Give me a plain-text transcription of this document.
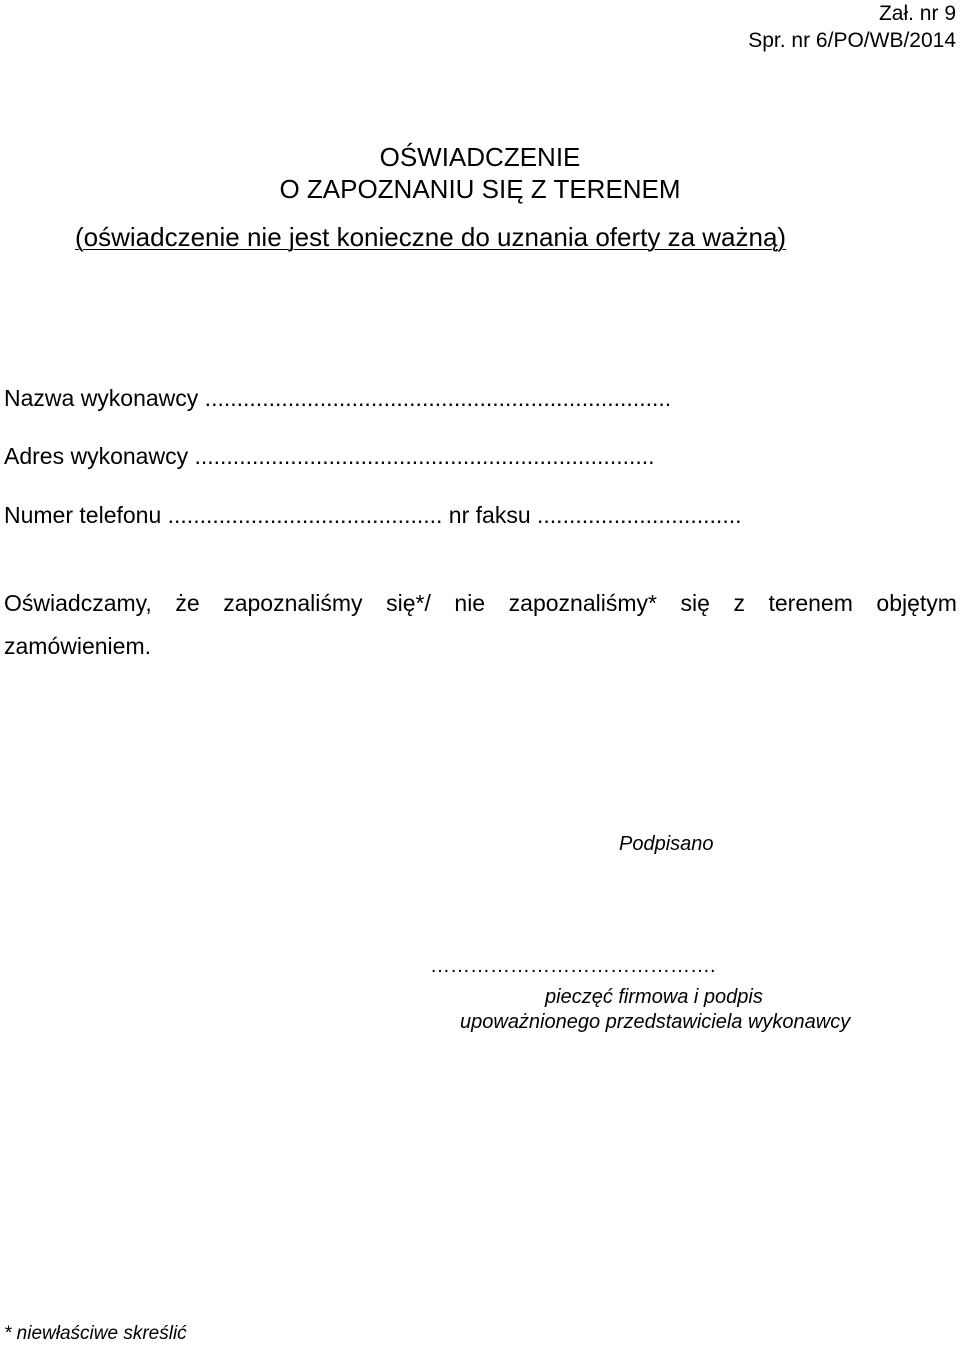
Zał. nr 9
Spr. nr 6/PO/WB/2014
OŚWIADCZENIE
O ZAPOZNANIU SIĘ Z TERENEM
(oświadczenie nie jest konieczne do uznania oferty za ważną)
Nazwa wykonawcy .........................................................................
Adres wykonawcy ........................................................................
Numer telefonu ........................................... nr faksu ................................
Oświadczamy, że zapoznaliśmy się*/ nie zapoznaliśmy* się z terenem objętym
zamówieniem.
Podpisano
…………………………………….
pieczęć firmowa i podpis
upoważnionego przedstawiciela wykonawcy
* niewłaściwe skreślić
